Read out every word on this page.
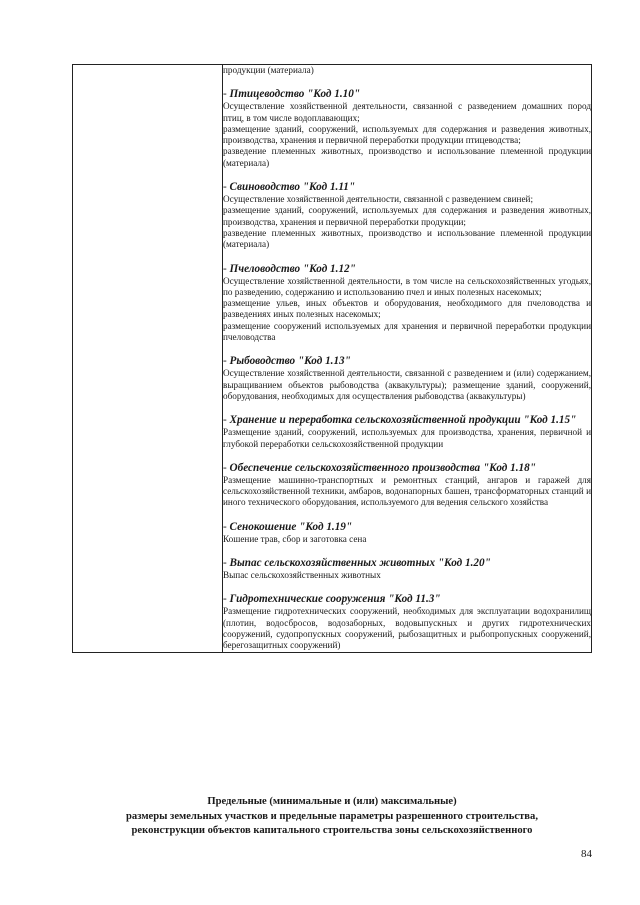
продукции (материала)
- Птицеводство "Код 1.10"

Осуществление хозяйственной деятельности, связанной с разведением домашних пород птиц, в том числе водоплавающих;

размещение зданий, сооружений, используемых для содержания и разведения животных, производства, хранения и первичной переработки продукции птицеводства;

разведение племенных животных, производство и использование племенной продукции (материала)

- Свиноводство "Код 1.11"

Осуществление хозяйственной деятельности, связанной с разведением свиней;

размещение зданий, сооружений, используемых для содержания и разведения животных, производства, хранения и первичной переработки продукции;

разведение племенных животных, производство и использование племенной продукции (материала)

- Пчеловодство "Код 1.12"

Осуществление хозяйственной деятельности, в том числе на сельскохозяйственных угодьях, по разведению, содержанию и использованию пчел и иных полезных насекомых;

размещение ульев, иных объектов и оборудования, необходимого для пчеловодства и разведениях иных полезных насекомых;

размещение сооружений используемых для хранения и первичной переработки продукции пчеловодства

- Рыбоводство "Код 1.13"

Осуществление хозяйственной деятельности, связанной с разведением и (или) содержанием, выращиванием объектов рыбоводства (аквакультуры); размещение зданий, сооружений, оборудования, необходимых для осуществления рыбоводства (аквакультуры)

- Хранение и переработка сельскохозяйственной продукции "Код 1.15"

Размещение зданий, сооружений, используемых для производства, хранения, первичной и глубокой переработки сельскохозяйственной продукции

- Обеспечение сельскохозяйственного производства "Код 1.18"

Размещение машинно-транспортных и ремонтных станций, ангаров и гаражей для сельскохозяйственной техники, амбаров, водонапорных башен, трансформаторных станций и иного технического оборудования, используемого для ведения сельского хозяйства

- Сенокошение "Код 1.19"

Кошение трав, сбор и заготовка сена

- Выпас сельскохозяйственных животных "Код 1.20"

Выпас сельскохозяйственных животных

- Гидротехнические сооружения "Код 11.3"

Размещение гидротехнических сооружений, необходимых для эксплуатации водохранилищ (плотин, водосбросов, водозаборных, водовыпускных и других гидротехнических сооружений, судопропускных сооружений, рыбозащитных и рыбопропускных сооружений, берегозащитных сооружений)

Предельные (минимальные и (или) максимальные)
размеры земельных участков и предельные параметры разрешенного строительства,
реконструкции объектов капитального строительства зоны сельскохозяйственного
84
